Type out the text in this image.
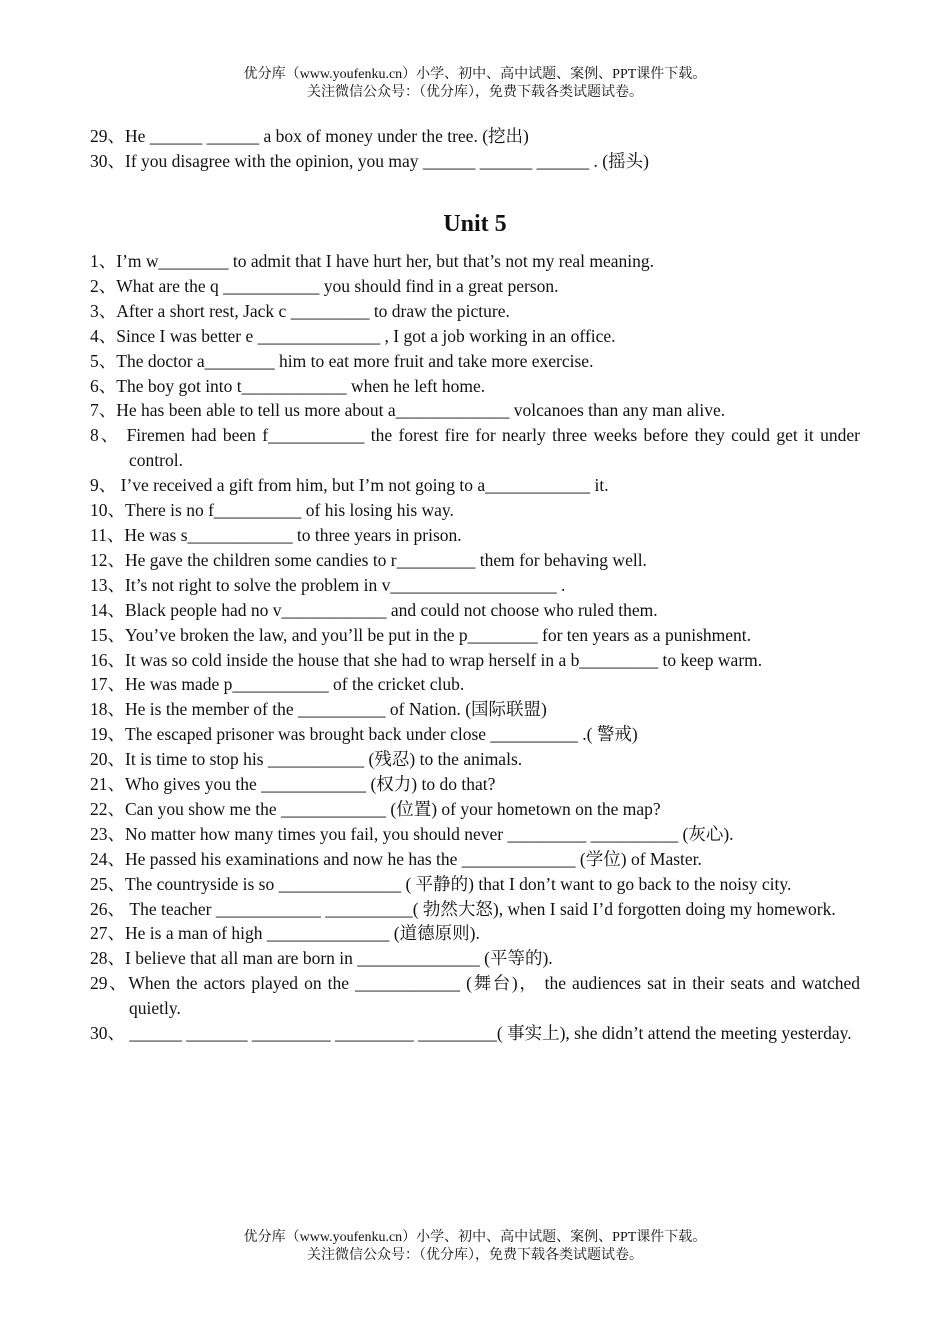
优分库（www.youfenku.cn）小学、初中、高中试题、案例、PPT课件下载。
关注微信公众号：（优分库），免费下载各类试题试卷。
29、He ______ ______ a box of money under the tree. (挖出)
30、If you disagree with the opinion, you may ______ ______ ______ . (摇头)
Unit 5
1、I’m w________ to admit that I have hurt her, but that’s not my real meaning.
2、What are the q ___________ you should find in a great person.
3、After a short rest, Jack c _________ to draw the picture.
4、Since I was better e ______________ , I got a job working in an office.
5、The doctor a________ him to eat more fruit and take more exercise.
6、The boy got into t____________ when he left home.
7、He has been able to tell us more about a_____________ volcanoes than any man alive.
8、 Firemen had been f___________ the forest fire for nearly three weeks before they could get it under control.
9、 I’ve received a gift from him, but I’m not going to a____________ it.
10、There is no f__________ of his losing his way.
11、He was s____________ to three years in prison.
12、He gave the children some candies to r_________ them for behaving well.
13、It’s not right to solve the problem in v___________________ .
14、Black people had no v____________ and could not choose who ruled them.
15、You’ve broken the law, and you’ll be put in the p________ for ten years as a punishment.
16、It was so cold inside the house that she had to wrap herself in a b_________ to keep warm.
17、He was made p___________ of the cricket club.
18、He is the member of the __________ of Nation. (国际联盟)
19、The escaped prisoner was brought back under close __________ .( 警戒)
20、It is time to stop his ___________ (残忍) to the animals.
21、Who gives you the ____________ (权力) to do that?
22、Can you show me the ____________ (位置) of your hometown on the map?
23、No matter how many times you fail, you should never _________ __________ (灰心).
24、He passed his examinations and now he has the _____________ (学位) of Master.
25、The countryside is so ______________ ( 平静的) that I don’t want to go back to the noisy city.
26、 The teacher ____________ __________( 勃然大怒), when I said I’d forgotten doing my homework.
27、He is a man of high ______________ (道德原则).
28、I believe that all man are born in ______________ (平等的).
29、When the actors played on the ____________ (舞台)， the audiences sat in their seats and watched quietly.
30、 ______ _______ _________ _________ _________( 事实上), she didn’t attend the meeting yesterday.
优分库（www.youfenku.cn）小学、初中、高中试题、案例、PPT课件下载。
关注微信公众号：（优分库），免费下载各类试题试卷。
